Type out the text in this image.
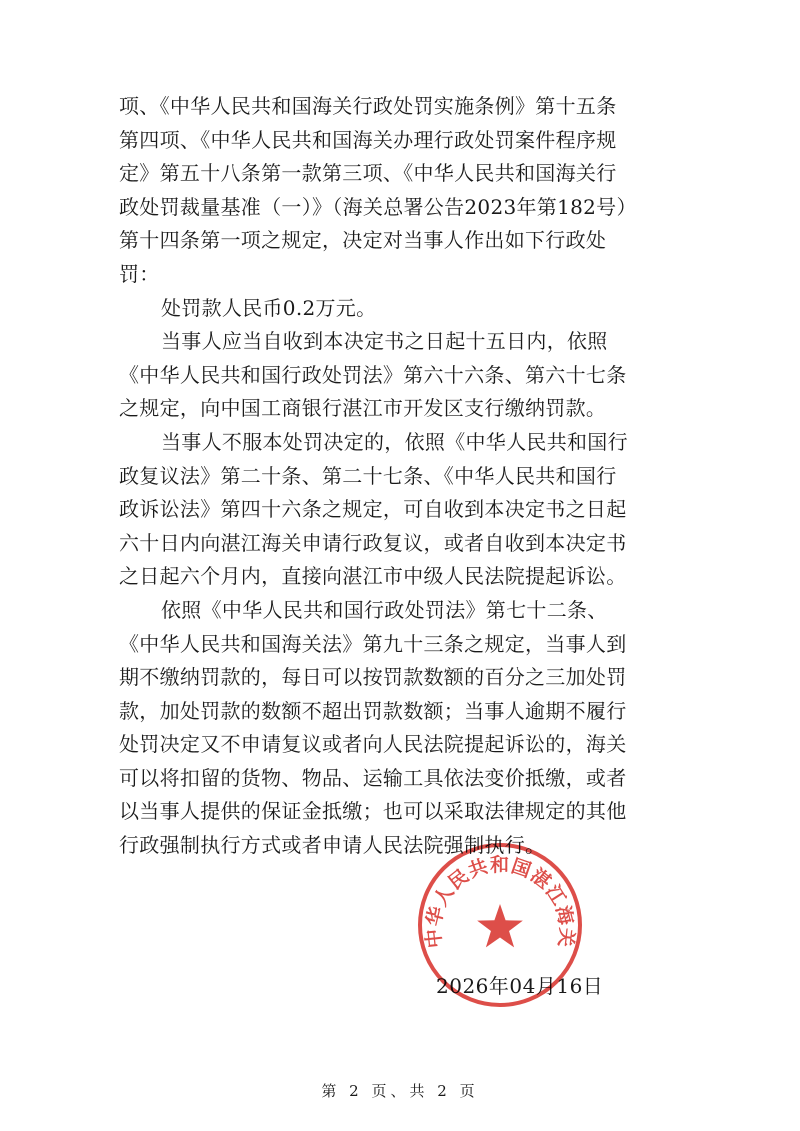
项、《中华人民共和国海关行政处罚实施条例》第十五条
第四项、《中华人民共和国海关办理行政处罚案件程序规
定》第五十八条第一款第三项、《中华人民共和国海关行
政处罚裁量基准（一）》（海关总署公告2023年第182号）
第十四条第一项之规定，决定对当事人作出如下行政处
罚：
处罚款人民币0.2万元。
当事人应当自收到本决定书之日起十五日内，依照
《中华人民共和国行政处罚法》第六十六条、第六十七条
之规定，向中国工商银行湛江市开发区支行缴纳罚款。
当事人不服本处罚决定的，依照《中华人民共和国行
政复议法》第二十条、第二十七条、《中华人民共和国行
政诉讼法》第四十六条之规定，可自收到本决定书之日起
六十日内向湛江海关申请行政复议，或者自收到本决定书
之日起六个月内，直接向湛江市中级人民法院提起诉讼。
依照《中华人民共和国行政处罚法》第七十二条、
《中华人民共和国海关法》第九十三条之规定，当事人到
期不缴纳罚款的，每日可以按罚款数额的百分之三加处罚
款，加处罚款的数额不超出罚款数额；当事人逾期不履行
处罚决定又不申请复议或者向人民法院提起诉讼的，海关
可以将扣留的货物、物品、运输工具依法变价抵缴，或者
以当事人提供的保证金抵缴；也可以采取法律规定的其他
行政强制执行方式或者申请人民法院强制执行。
2026年04月16日
中华人民共和国湛江海关
第 2 页、共 2 页
